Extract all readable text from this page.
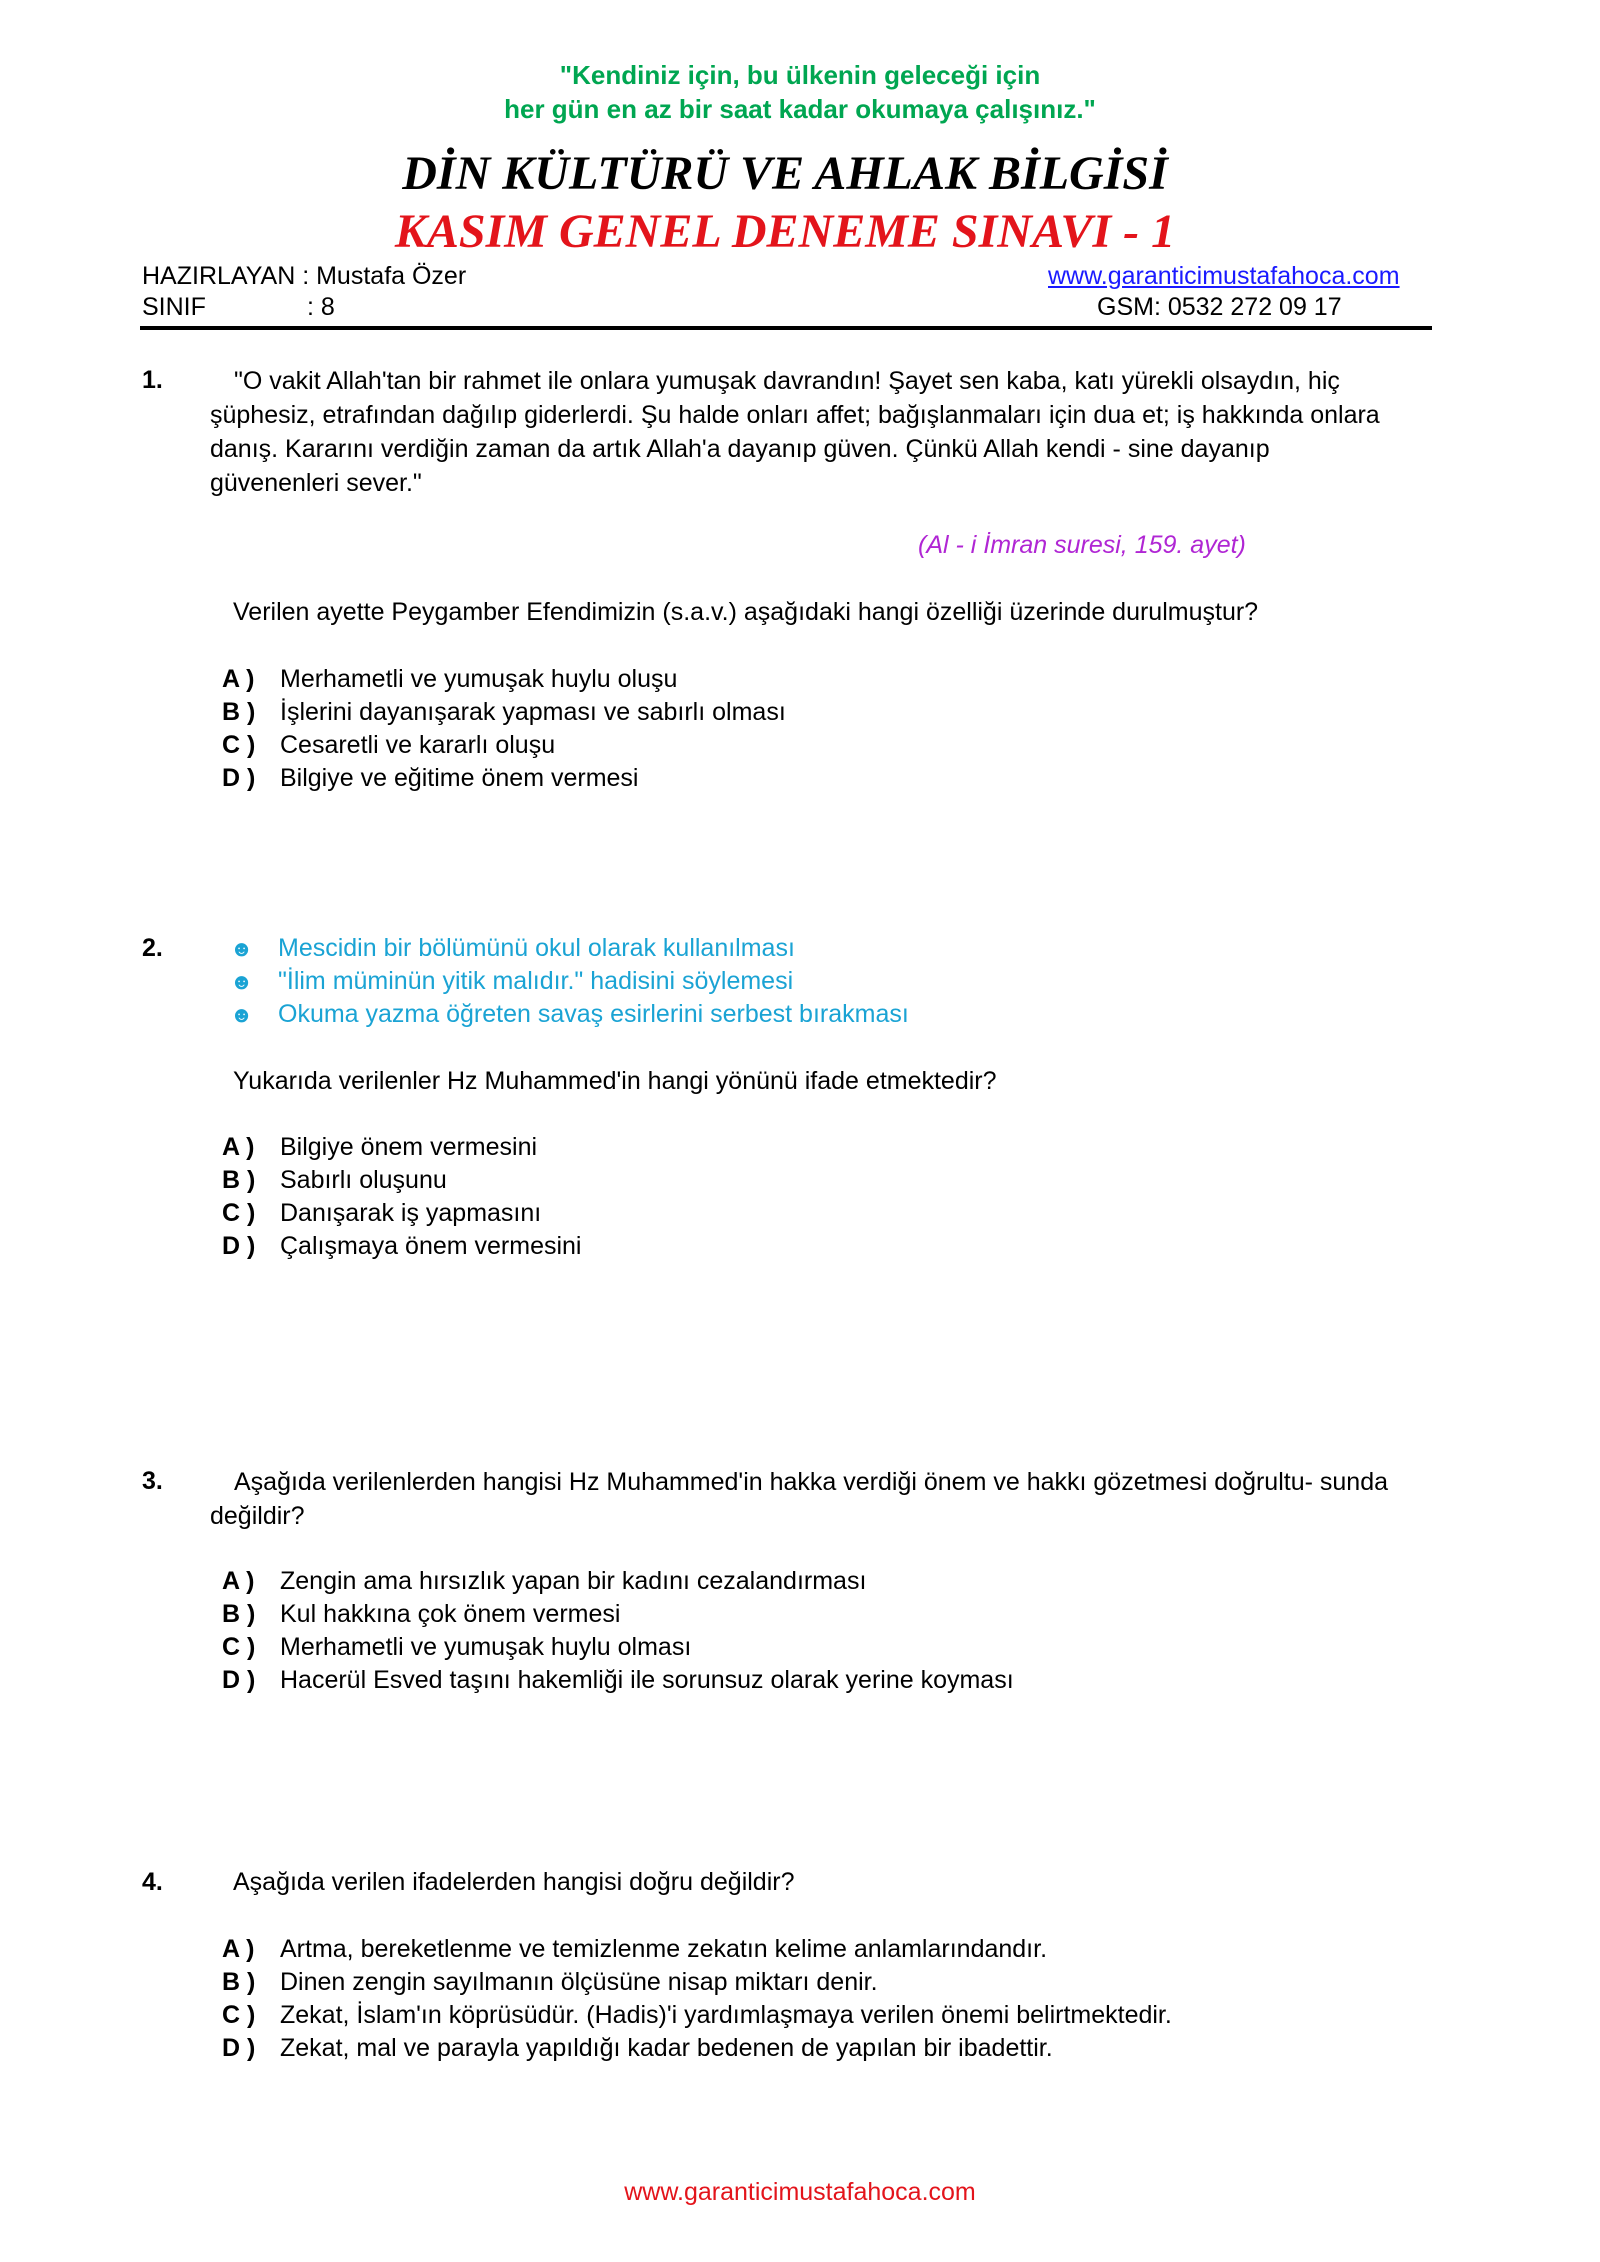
"Kendiniz için, bu ülkenin geleceği için
her gün en az bir saat kadar okumaya çalışınız."
DİN KÜLTÜRÜ VE AHLAK BİLGİSİ
KASIM GENEL DENEME SINAVI - 1
HAZIRLAYAN : Mustafa Özer
SINIF	: 8
www.garanticimustafahoca.com
GSM: 0532 272 09 17
1.	"O vakit Allah'tan bir rahmet ile onlara yumuşak davrandın! Şayet sen kaba, katı yürekli olsaydın, hiç şüphesiz, etrafından dağılıp giderlerdi. Şu halde onları affet; bağışlanmaları için dua et; iş hakkında onlara danış. Kararını verdiğin zaman da artık Allah'a dayanıp güven. Çünkü Allah kendi - sine dayanıp güvenenleri sever."
(Al - i İmran suresi, 159. ayet)
Verilen ayette Peygamber Efendimizin (s.a.v.) aşağıdaki hangi özelliği üzerinde durulmuştur?
A ) Merhametli ve yumuşak huylu oluşu
B ) İşlerini dayanışarak yapması ve sabırlı olması
C ) Cesaretli ve kararlı oluşu
D ) Bilgiye ve eğitime önem vermesi
2.	☻ Mescidin bir bölümünü okul olarak kullanılması
☻ "İlim müminün yitik malıdır." hadisini söylemesi
☻ Okuma yazma öğreten savaş esirlerini serbest bırakması
Yukarıda verilenler Hz Muhammed'in hangi yönünü ifade etmektedir?
A ) Bilgiye önem vermesini
B ) Sabırlı oluşunu
C ) Danışarak iş yapmasını
D ) Çalışmaya önem vermesini
3.	Aşağıda verilenlerden hangisi Hz Muhammed'in hakka verdiği önem ve hakkı gözetmesi doğrultu- sunda değildir?
A ) Zengin ama hırsızlık yapan bir kadını cezalandırması
B ) Kul hakkına çok önem vermesi
C ) Merhametli ve yumuşak huylu olması
D ) Hacerül Esved taşını hakemliği ile sorunsuz olarak yerine koyması
4.	Aşağıda verilen ifadelerden hangisi doğru değildir?
A ) Artma, bereketlenme ve temizlenme zekatın kelime anlamlarındandır.
B ) Dinen zengin sayılmanın ölçüsüne nisap miktarı denir.
C ) Zekat, İslam'ın köprüsüdür. (Hadis)'i yardımlaşmaya verilen önemi belirtmektedir.
D ) Zekat, mal ve parayla yapıldığı kadar bedenen de yapılan bir ibadettir.
www.garanticimustafahoca.com
